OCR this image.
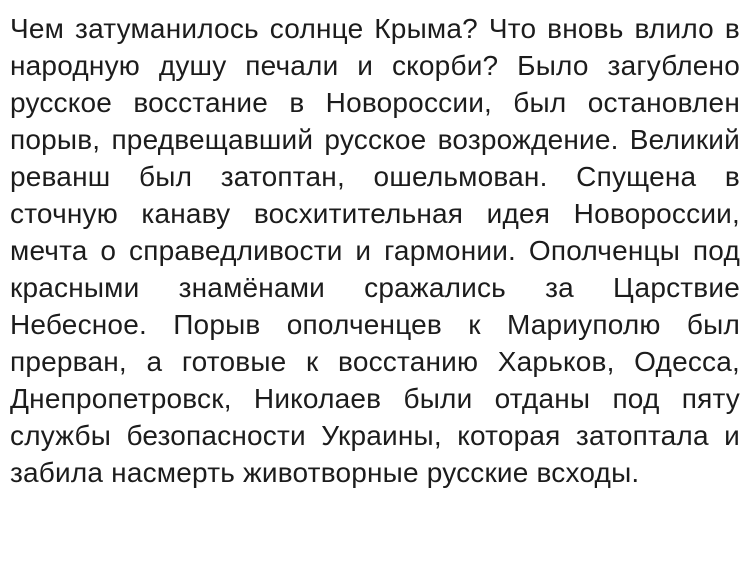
Чем затуманилось солнце Крыма? Что вновь влило в народную душу печали и скорби? Было загублено русское восстание в Новороссии, был остановлен порыв, предвещавший русское возрождение. Великий реванш был затоптан, ошельмован. Спущена в сточную канаву восхитительная идея Новороссии, мечта о справедливости и гармонии. Ополченцы под красными знамёнами сражались за Царствие Небесное. Порыв ополченцев к Мариуполю был прерван, а готовые к восстанию Харьков, Одесса, Днепропетровск, Николаев были отданы под пяту службы безопасности Украины, которая затоптала и забила насмерть животворные русские всходы.
